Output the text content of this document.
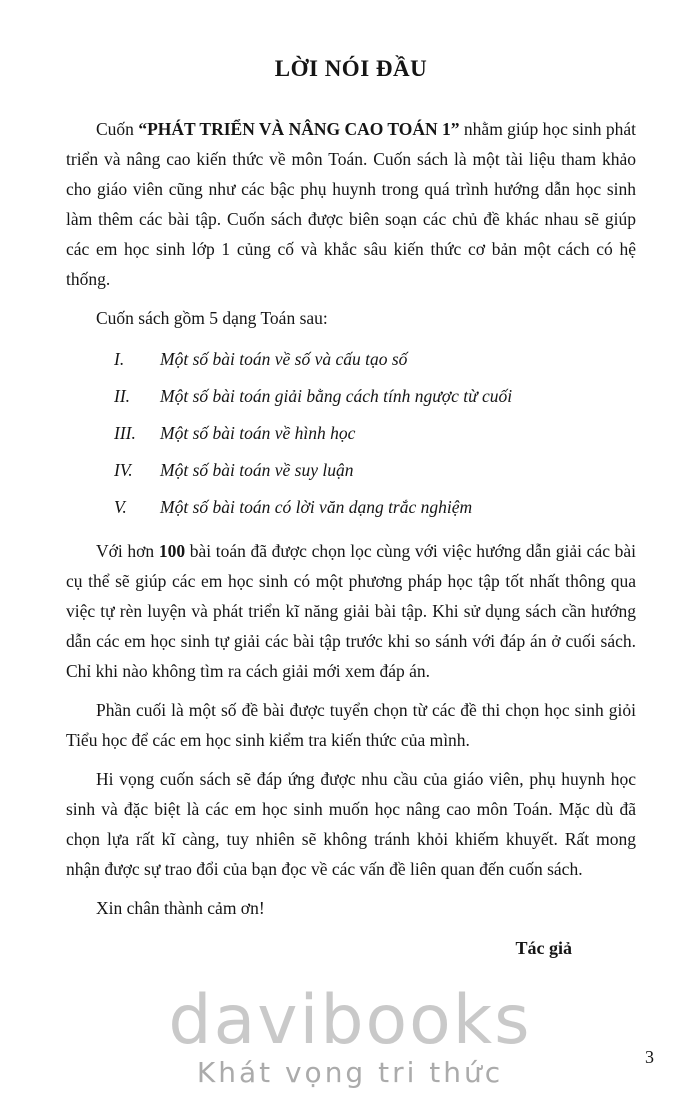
LỜI NÓI ĐẦU

Cuốn “PHÁT TRIỂN VÀ NÂNG CAO TOÁN 1” nhằm giúp học sinh phát triển và nâng cao kiến thức về môn Toán. Cuốn sách là một tài liệu tham khảo cho giáo viên cũng như các bậc phụ huynh trong quá trình hướng dẫn học sinh làm thêm các bài tập. Cuốn sách được biên soạn các chủ đề khác nhau sẽ giúp các em học sinh lớp 1 củng cố và khắc sâu kiến thức cơ bản một cách có hệ thống.

Cuốn sách gồm 5 dạng Toán sau:

I.	Một số bài toán về số và cấu tạo số
II.	Một số bài toán giải bằng cách tính ngược từ cuối
III.	Một số bài toán về hình học
IV.	Một số bài toán về suy luận
V.	Một số bài toán có lời văn dạng trắc nghiệm

Với hơn 100 bài toán đã được chọn lọc cùng với việc hướng dẫn giải các bài cụ thể sẽ giúp các em học sinh có một phương pháp học tập tốt nhất thông qua việc tự rèn luyện và phát triển kĩ năng giải bài tập. Khi sử dụng sách cần hướng dẫn các em học sinh tự giải các bài tập trước khi so sánh với đáp án ở cuối sách. Chỉ khi nào không tìm ra cách giải mới xem đáp án.

Phần cuối là một số đề bài được tuyển chọn từ các đề thi chọn học sinh giỏi Tiểu học để các em học sinh kiểm tra kiến thức của mình.

Hi vọng cuốn sách sẽ đáp ứng được nhu cầu của giáo viên, phụ huynh học sinh và đặc biệt là các em học sinh muốn học nâng cao môn Toán. Mặc dù đã chọn lựa rất kĩ càng, tuy nhiên sẽ không tránh khỏi khiếm khuyết. Rất mong nhận được sự trao đổi của bạn đọc về các vấn đề liên quan đến cuốn sách.

Xin chân thành cảm ơn!

Tác giả
davibooks
Khát vọng tri thức	3
